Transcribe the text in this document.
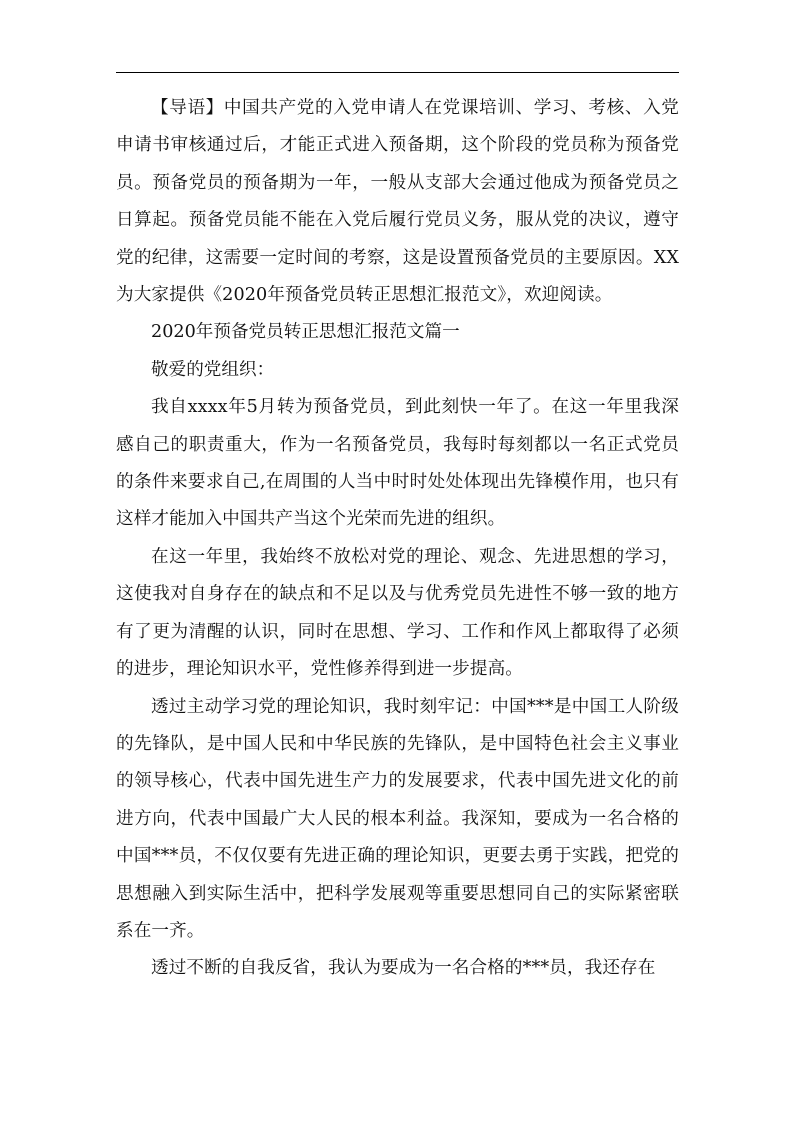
【导语】中国共产党的入党申请人在党课培训、学习、考核、入党申请书审核通过后，才能正式进入预备期，这个阶段的党员称为预备党员。预备党员的预备期为一年，一般从支部大会通过他成为预备党员之日算起。预备党员能不能在入党后履行党员义务，服从党的决议，遵守党的纪律，这需要一定时间的考察，这是设置预备党员的主要原因。XX为大家提供《2020年预备党员转正思想汇报范文》，欢迎阅读。

2020年预备党员转正思想汇报范文篇一

敬爱的党组织：

我自xxxx年5月转为预备党员，到此刻快一年了。在这一年里我深感自己的职责重大，作为一名预备党员，我每时每刻都以一名正式党员的条件来要求自己,在周围的人当中时时处处体现出先锋模作用，也只有这样才能加入中国共产当这个光荣而先进的组织。

在这一年里，我始终不放松对党的理论、观念、先进思想的学习，这使我对自身存在的缺点和不足以及与优秀党员先进性不够一致的地方有了更为清醒的认识，同时在思想、学习、工作和作风上都取得了必须的进步，理论知识水平，党性修养得到进一步提高。

透过主动学习党的理论知识，我时刻牢记：中国***是中国工人阶级的先锋队，是中国人民和中华民族的先锋队，是中国特色社会主义事业的领导核心，代表中国先进生产力的发展要求，代表中国先进文化的前进方向，代表中国最广大人民的根本利益。我深知，要成为一名合格的中国***员，不仅仅要有先进正确的理论知识，更要去勇于实践，把党的思想融入到实际生活中，把科学发展观等重要思想同自己的实际紧密联系在一齐。

透过不断的自我反省，我认为要成为一名合格的***员，我还存在
